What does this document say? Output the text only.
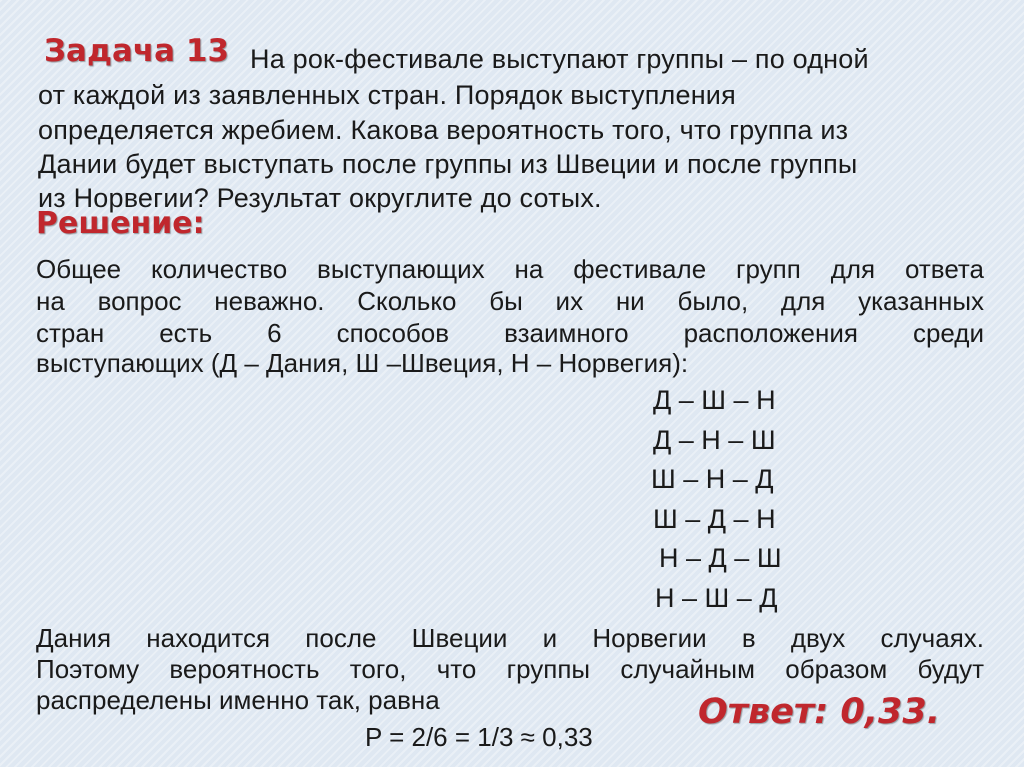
Задача 13 На рок-фестивале выступают группы – по одной
от каждой из заявленных стран. Порядок выступления
определяется жребием. Какова вероятность того, что группа из
Дании будет выступать после группы из Швеции и после группы
из Норвегии? Результат округлите до сотых.
Решение:
Общее количество выступающих на фестивале групп для ответа
на вопрос неважно. Сколько бы их ни было, для указанных
стран есть 6 способов взаимного расположения среди
выступающих (Д – Дания, Ш –Швеция, Н – Норвегия):
Д – Ш – Н
Д – Н – Ш
Ш – Н – Д
Ш – Д – Н
Н – Д – Ш
Н – Ш – Д
Дания находится после Швеции и Норвегии в двух случаях.
Поэтому вероятность того, что группы случайным образом будут
распределены именно так, равна
P = 2/6 = 1/3 ≈ 0,33
Ответ: 0,33.
